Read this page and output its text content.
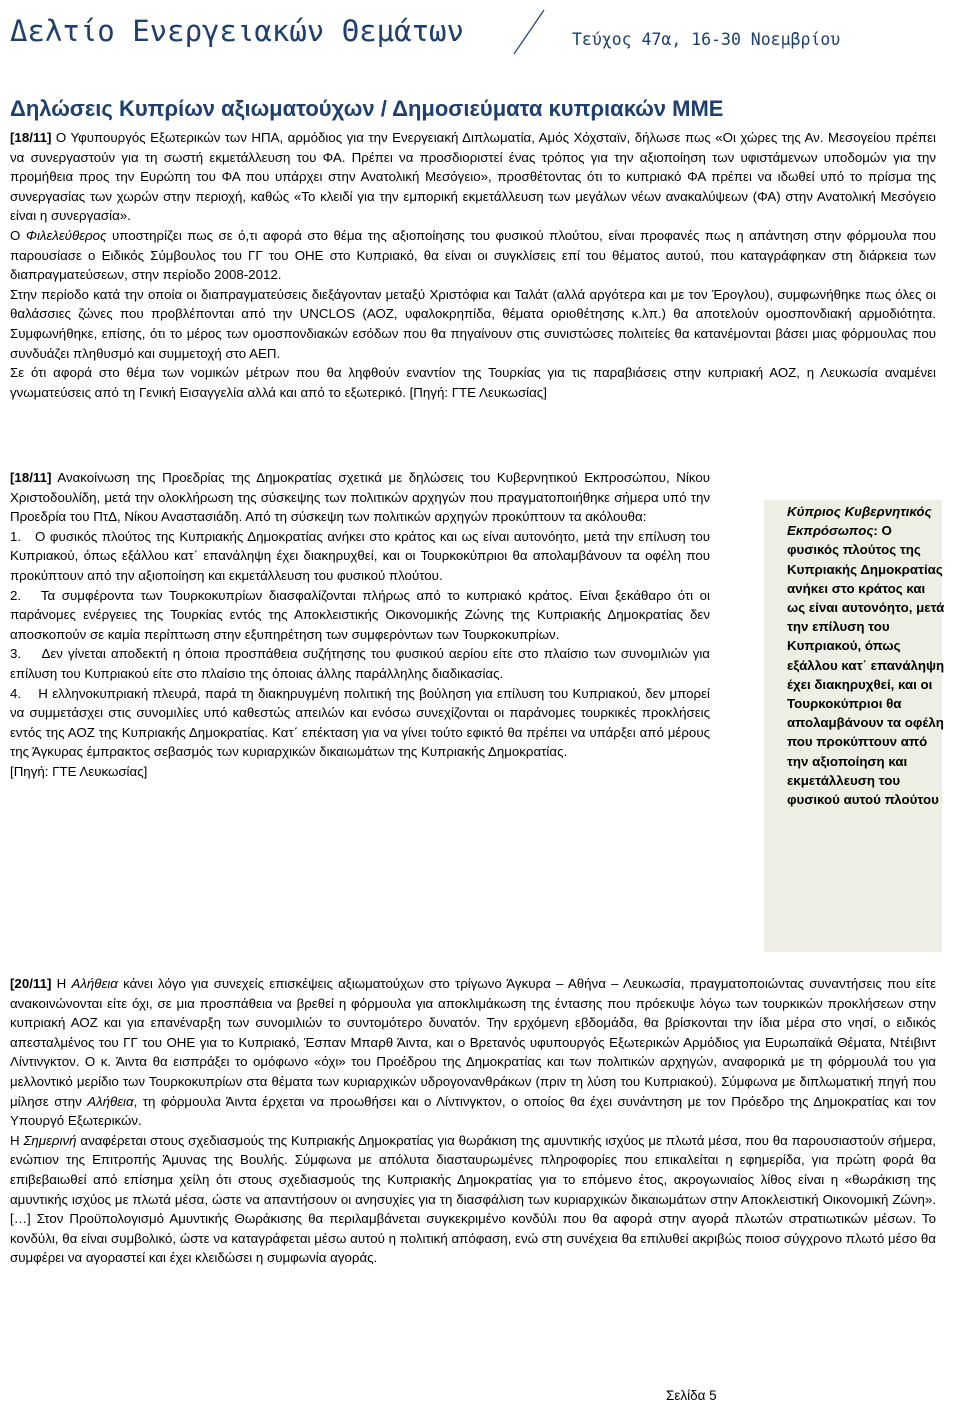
Δελτίο Ενεργειακών Θεμάτων	Τεύχος 47α, 16-30 Νοεμβρίου
Δηλώσεις Κυπρίων αξιωματούχων / Δημοσιεύματα κυπριακών ΜΜΕ
[18/11] Ο Υφυπουργός Εξωτερικών των ΗΠΑ, αρμόδιος για την Ενεργειακή Διπλωματία, Αμός Χόχσταϊν, δήλωσε πως «Οι χώρες της Αν. Μεσογείου πρέπει να συνεργαστούν για τη σωστή εκμετάλλευση του ΦΑ. Πρέπει να προσδιοριστεί ένας τρόπος για την αξιοποίηση των υφιστάμενων υποδομών για την προμήθεια προς την Ευρώπη του ΦΑ που υπάρχει στην Ανατολική Μεσόγειο», προσθέτοντας ότι το κυπριακό ΦΑ πρέπει να ιδωθεί υπό το πρίσμα της συνεργασίας των χωρών στην περιοχή, καθώς «Το κλειδί για την εμπορική εκμετάλλευση των μεγάλων νέων ανακαλύψεων (ΦΑ) στην Ανατολική Μεσόγειο είναι η συνεργασία».
Ο Φιλελεύθερος υποστηρίζει πως σε ό,τι αφορά στο θέμα της αξιοποίησης του φυσικού πλούτου, είναι προφανές πως η απάντηση στην φόρμουλα που παρουσίασε ο Ειδικός Σύμβουλος του ΓΓ του ΟΗΕ στο Κυπριακό, θα είναι οι συγκλίσεις επί του θέματος αυτού, που καταγράφηκαν στη διάρκεια των διαπραγματεύσεων, στην περίοδο 2008-2012.
Στην περίοδο κατά την οποία οι διαπραγματεύσεις διεξάγονταν μεταξύ Χριστόφια και Ταλάτ (αλλά αργότερα και με τον Έρογλου), συμφωνήθηκε πως όλες οι θαλάσσιες ζώνες που προβλέπονται από την UNCLOS (ΑΟΖ, υφαλοκρηπίδα, θέματα οριοθέτησης κ.λπ.) θα αποτελούν ομοσπονδιακή αρμοδιότητα. Συμφωνήθηκε, επίσης, ότι το μέρος των ομοσπονδιακών εσόδων που θα πηγαίνουν στις συνιστώσες πολιτείες θα κατανέμονται βάσει μιας φόρμουλας που συνδυάζει πληθυσμό και συμμετοχή στο ΑΕΠ.
Σε ότι αφορά στο θέμα των νομικών μέτρων που θα ληφθούν εναντίον της Τουρκίας για τις παραβιάσεις στην κυπριακή ΑΟΖ, η Λευκωσία αναμένει γνωματεύσεις από τη Γενική Εισαγγελία αλλά και από το εξωτερικό. [Πηγή: ΓΤΕ Λευκωσίας]
[18/11] Ανακοίνωση της Προεδρίας της Δημοκρατίας σχετικά με δηλώσεις του Κυβερνητικού Εκπροσώπου, Νίκου Χριστοδουλίδη, μετά την ολοκλήρωση της σύσκεψης των πολιτικών αρχηγών που πραγματοποιήθηκε σήμερα υπό την Προεδρία του ΠτΔ, Νίκου Αναστασιάδη. Από τη σύσκεψη των πολιτικών αρχηγών προκύπτουν τα ακόλουθα:
1.   Ο φυσικός πλούτος της Κυπριακής Δημοκρατίας ανήκει στο κράτος και ως είναι αυτονόητο, μετά την επίλυση του Κυπριακού, όπως εξάλλου κατ΄ επανάληψη έχει διακηρυχθεί, και οι Τουρκοκύπριοι θα απολαμβάνουν τα οφέλη που προκύπτουν από την αξιοποίηση και εκμετάλλευση του φυσικού πλούτου.
2.   Τα συμφέροντα των Τουρκοκυπρίων διασφαλίζονται πλήρως από το κυπριακό κράτος. Είναι ξεκάθαρο ότι οι παράνομες ενέργειες της Τουρκίας εντός της Αποκλειστικής Οικονομικής Ζώνης της Κυπριακής Δημοκρατίας δεν αποσκοπούν σε καμία περίπτωση στην εξυπηρέτηση των συμφερόντων των Τουρκοκυπρίων.
3.    Δεν γίνεται αποδεκτή η όποια προσπάθεια συζήτησης του φυσικού αερίου είτε στο πλαίσιο των συνομιλιών για επίλυση του Κυπριακού είτε στο πλαίσιο της όποιας άλλης παράλληλης διαδικασίας.
4.    Η ελληνοκυπριακή πλευρά, παρά τη διακηρυγμένη πολιτική της βούληση για επίλυση του Κυπριακού, δεν μπορεί να συμμετάσχει στις συνομιλίες υπό καθεστώς απειλών και ενόσω συνεχίζονται οι παράνομες τουρκικές προκλήσεις εντός της ΑΟΖ της Κυπριακής Δημοκρατίας. Κατ΄ επέκταση για να γίνει τούτο εφικτό θα πρέπει να υπάρξει από μέρους της Άγκυρας έμπρακτος σεβασμός των κυριαρχικών δικαιωμάτων της Κυπριακής Δημοκρατίας.
[Πηγή: ΓΤΕ Λευκωσίας]
Κύπριος Κυβερνητικός Εκπρόσωπος: Ο φυσικός πλούτος της Κυπριακής Δημοκρατίας ανήκει στο κράτος και ως είναι αυτονόητο, μετά την επίλυση του Κυπριακού, όπως εξάλλου κατ΄ επανάληψη έχει διακηρυχθεί, και οι Τουρκοκύπριοι θα απολαμβάνουν τα οφέλη που προκύπτουν από την αξιοποίηση και εκμετάλλευση του φυσικού αυτού πλούτου
[20/11] Η Αλήθεια κάνει λόγο για συνεχείς επισκέψεις αξιωματούχων στο τρίγωνο Άγκυρα – Αθήνα – Λευκωσία, πραγματοποιώντας συναντήσεις που είτε ανακοινώνονται είτε όχι, σε μια προσπάθεια να βρεθεί η φόρμουλα για αποκλιμάκωση της έντασης που πρόεκυψε λόγω των τουρκικών προκλήσεων στην κυπριακή ΑΟΖ και για επανέναρξη των συνομιλιών το συντομότερο δυνατόν. Την ερχόμενη εβδομάδα, θα βρίσκονται την ίδια μέρα στο νησί, ο ειδικός απεσταλμένος του ΓΓ του ΟΗΕ για το Κυπριακό, Έσπαν Μπαρθ Άιντα, και ο Βρετανός υφυπουργός Εξωτερικών Αρμόδιος για Ευρωπαϊκά Θέματα, Ντέιβιντ Λίντινγκτον. Ο κ. Άιντα θα εισπράξει το ομόφωνο «όχι» του Προέδρου της Δημοκρατίας και των πολιτικών αρχηγών, αναφορικά με τη φόρμουλά του για μελλοντικό μερίδιο των Τουρκοκυπρίων στα θέματα των κυριαρχικών υδρογονανθράκων (πριν τη λύση του Κυπριακού). Σύμφωνα με διπλωματική πηγή που μίλησε στην Αλήθεια, τη φόρμουλα Άιντα έρχεται να προωθήσει και ο Λίντινγκτον, ο οποίος θα έχει συνάντηση με τον Πρόεδρο της Δημοκρατίας και τον Υπουργό Εξωτερικών.
Η Σημερινή αναφέρεται στους σχεδιασμούς της Κυπριακής Δημοκρατίας για θωράκιση της αμυντικής ισχύος με πλωτά μέσα, που θα παρουσιαστούν σήμερα, ενώπιον της Επιτροπής Άμυνας της Βουλής. Σύμφωνα με απόλυτα διασταυρωμένες πληροφορίες που επικαλείται η εφημερίδα, για πρώτη φορά θα επιβεβαιωθεί από επίσημα χείλη ότι στους σχεδιασμούς της Κυπριακής Δημοκρατίας για το επόμενο έτος, ακρογωνιαίος λίθος είναι η «θωράκιση της αμυντικής ισχύος με πλωτά μέσα, ώστε να απαντήσουν οι ανησυχίες για τη διασφάλιση των κυριαρχικών δικαιωμάτων στην Αποκλειστική Οικονομική Ζώνη». […] Στον Προϋπολογισμό Αμυντικής Θωράκισης θα περιλαμβάνεται συγκεκριμένο κονδύλι που θα αφορά στην αγορά πλωτών στρατιωτικών μέσων. Το κονδύλι, θα είναι συμβολικό, ώστε να καταγράφεται μέσω αυτού η πολιτική απόφαση, ενώ στη συνέχεια θα επιλυθεί ακριβώς ποιοσ σύγχρονο πλωτό μέσο θα συμφέρει να αγοραστεί και έχει κλειδώσει η συμφωνία αγοράς.
Σελίδα 5
